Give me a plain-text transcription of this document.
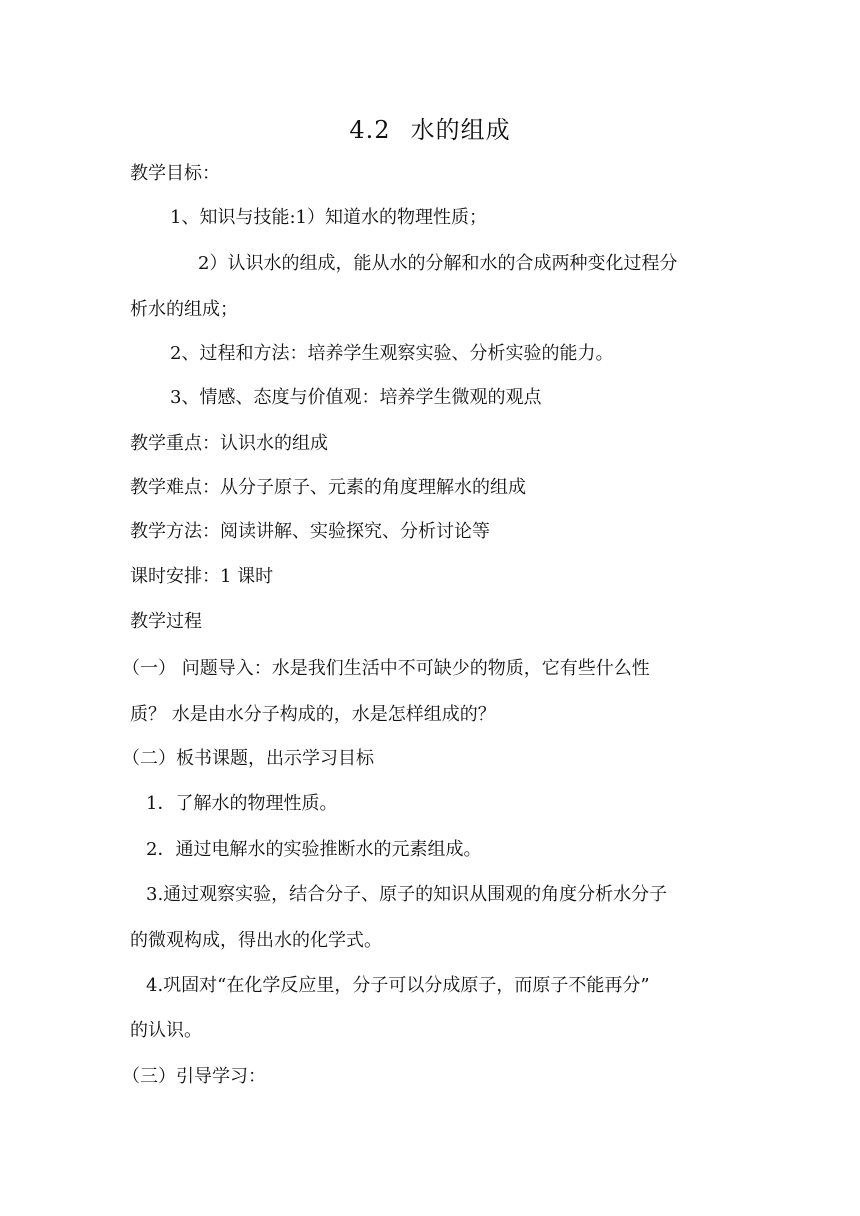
4.2 水的组成
教学目标：
1、知识与技能:1）知道水的物理性质；
2）认识水的组成，能从水的分解和水的合成两种变化过程分
析水的组成；
2、过程和方法：培养学生观察实验、分析实验的能力。
3、情感、态度与价值观：培养学生微观的观点
教学重点：认识水的组成
教学难点：从分子原子、元素的角度理解水的组成
教学方法：阅读讲解、实验探究、分析讨论等
课时安排：1 课时
教学过程
（一） 问题导入：水是我们生活中不可缺少的物质，它有些什么性
质？ 水是由水分子构成的，水是怎样组成的？
（二）板书课题，出示学习目标
1．了解水的物理性质。
2．通过电解水的实验推断水的元素组成。
3.通过观察实验，结合分子、原子的知识从围观的角度分析水分子
的微观构成，得出水的化学式。
4.巩固对“在化学反应里，分子可以分成原子，而原子不能再分”
的认识。
（三）引导学习：
